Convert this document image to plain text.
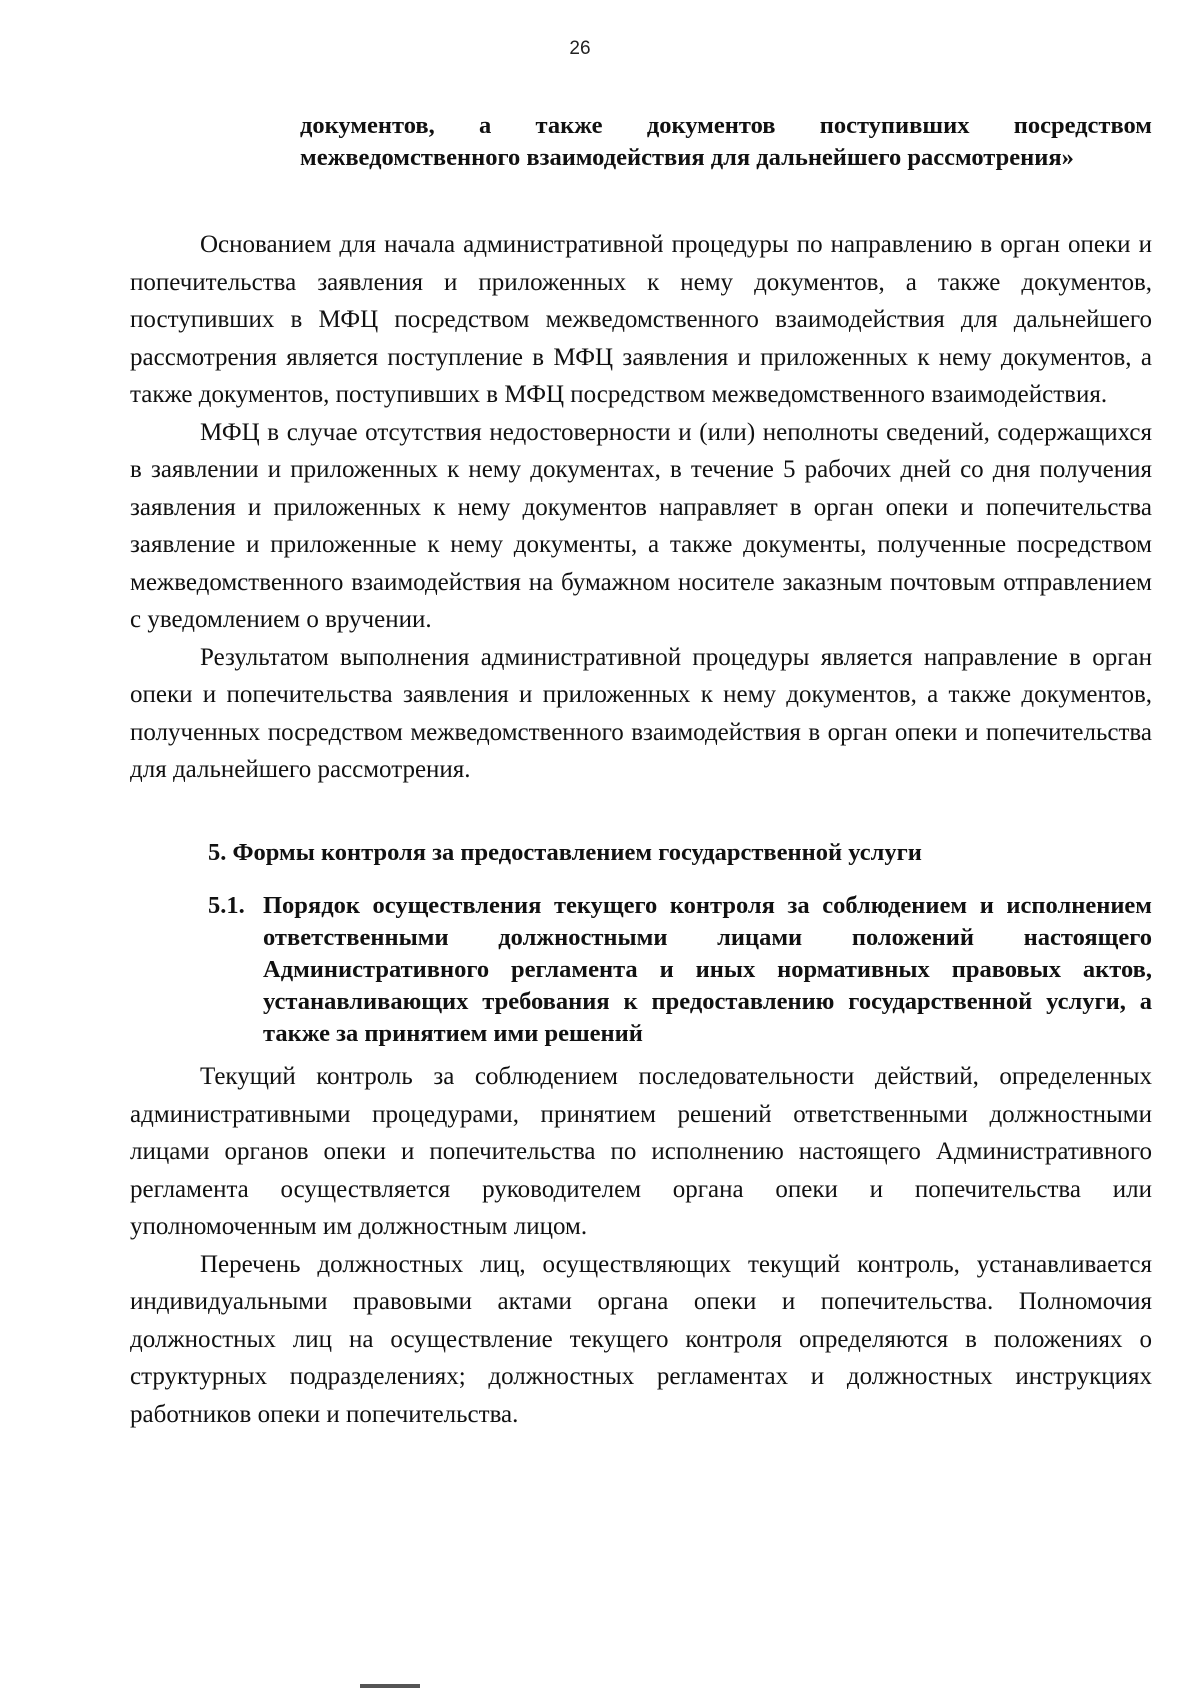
26
документов, а также документов поступивших посредством межведомственного взаимодействия для дальнейшего рассмотрения»

Основанием для начала административной процедуры по направлению в орган опеки и попечительства заявления и приложенных к нему документов, а также документов, поступивших в МФЦ посредством межведомственного взаимодействия для дальнейшего рассмотрения является поступление в МФЦ заявления и приложенных к нему документов, а также документов, поступивших в МФЦ посредством межведомственного взаимодействия.

МФЦ в случае отсутствия недостоверности и (или) неполноты сведений, содержащихся в заявлении и приложенных к нему документах, в течение 5 рабочих дней со дня получения заявления и приложенных к нему документов направляет в орган опеки и попечительства заявление и приложенные к нему документы, а также документы, полученные посредством межведомственного взаимодействия на бумажном носителе заказным почтовым отправлением с уведомлением о вручении.

Результатом выполнения административной процедуры является направление в орган опеки и попечительства заявления и приложенных к нему документов, а также документов, полученных посредством межведомственного взаимодействия в орган опеки и попечительства для дальнейшего рассмотрения.

5. Формы контроля за предоставлением государственной услуги
5.1. Порядок осуществления текущего контроля за соблюдением и исполнением ответственными должностными лицами положений настоящего Административного регламента и иных нормативных правовых актов, устанавливающих требования к предоставлению государственной услуги, а также за принятием ими решений

Текущий контроль за соблюдением последовательности действий, определенных административными процедурами, принятием решений ответственными должностными лицами органов опеки и попечительства по исполнению настоящего Административного регламента осуществляется руководителем органа опеки и попечительства или уполномоченным им должностным лицом.

Перечень должностных лиц, осуществляющих текущий контроль, устанавливается индивидуальными правовыми актами органа опеки и попечительства. Полномочия должностных лиц на осуществление текущего контроля определяются в положениях о структурных подразделениях; должностных регламентах и должностных инструкциях работников опеки и попечительства.
